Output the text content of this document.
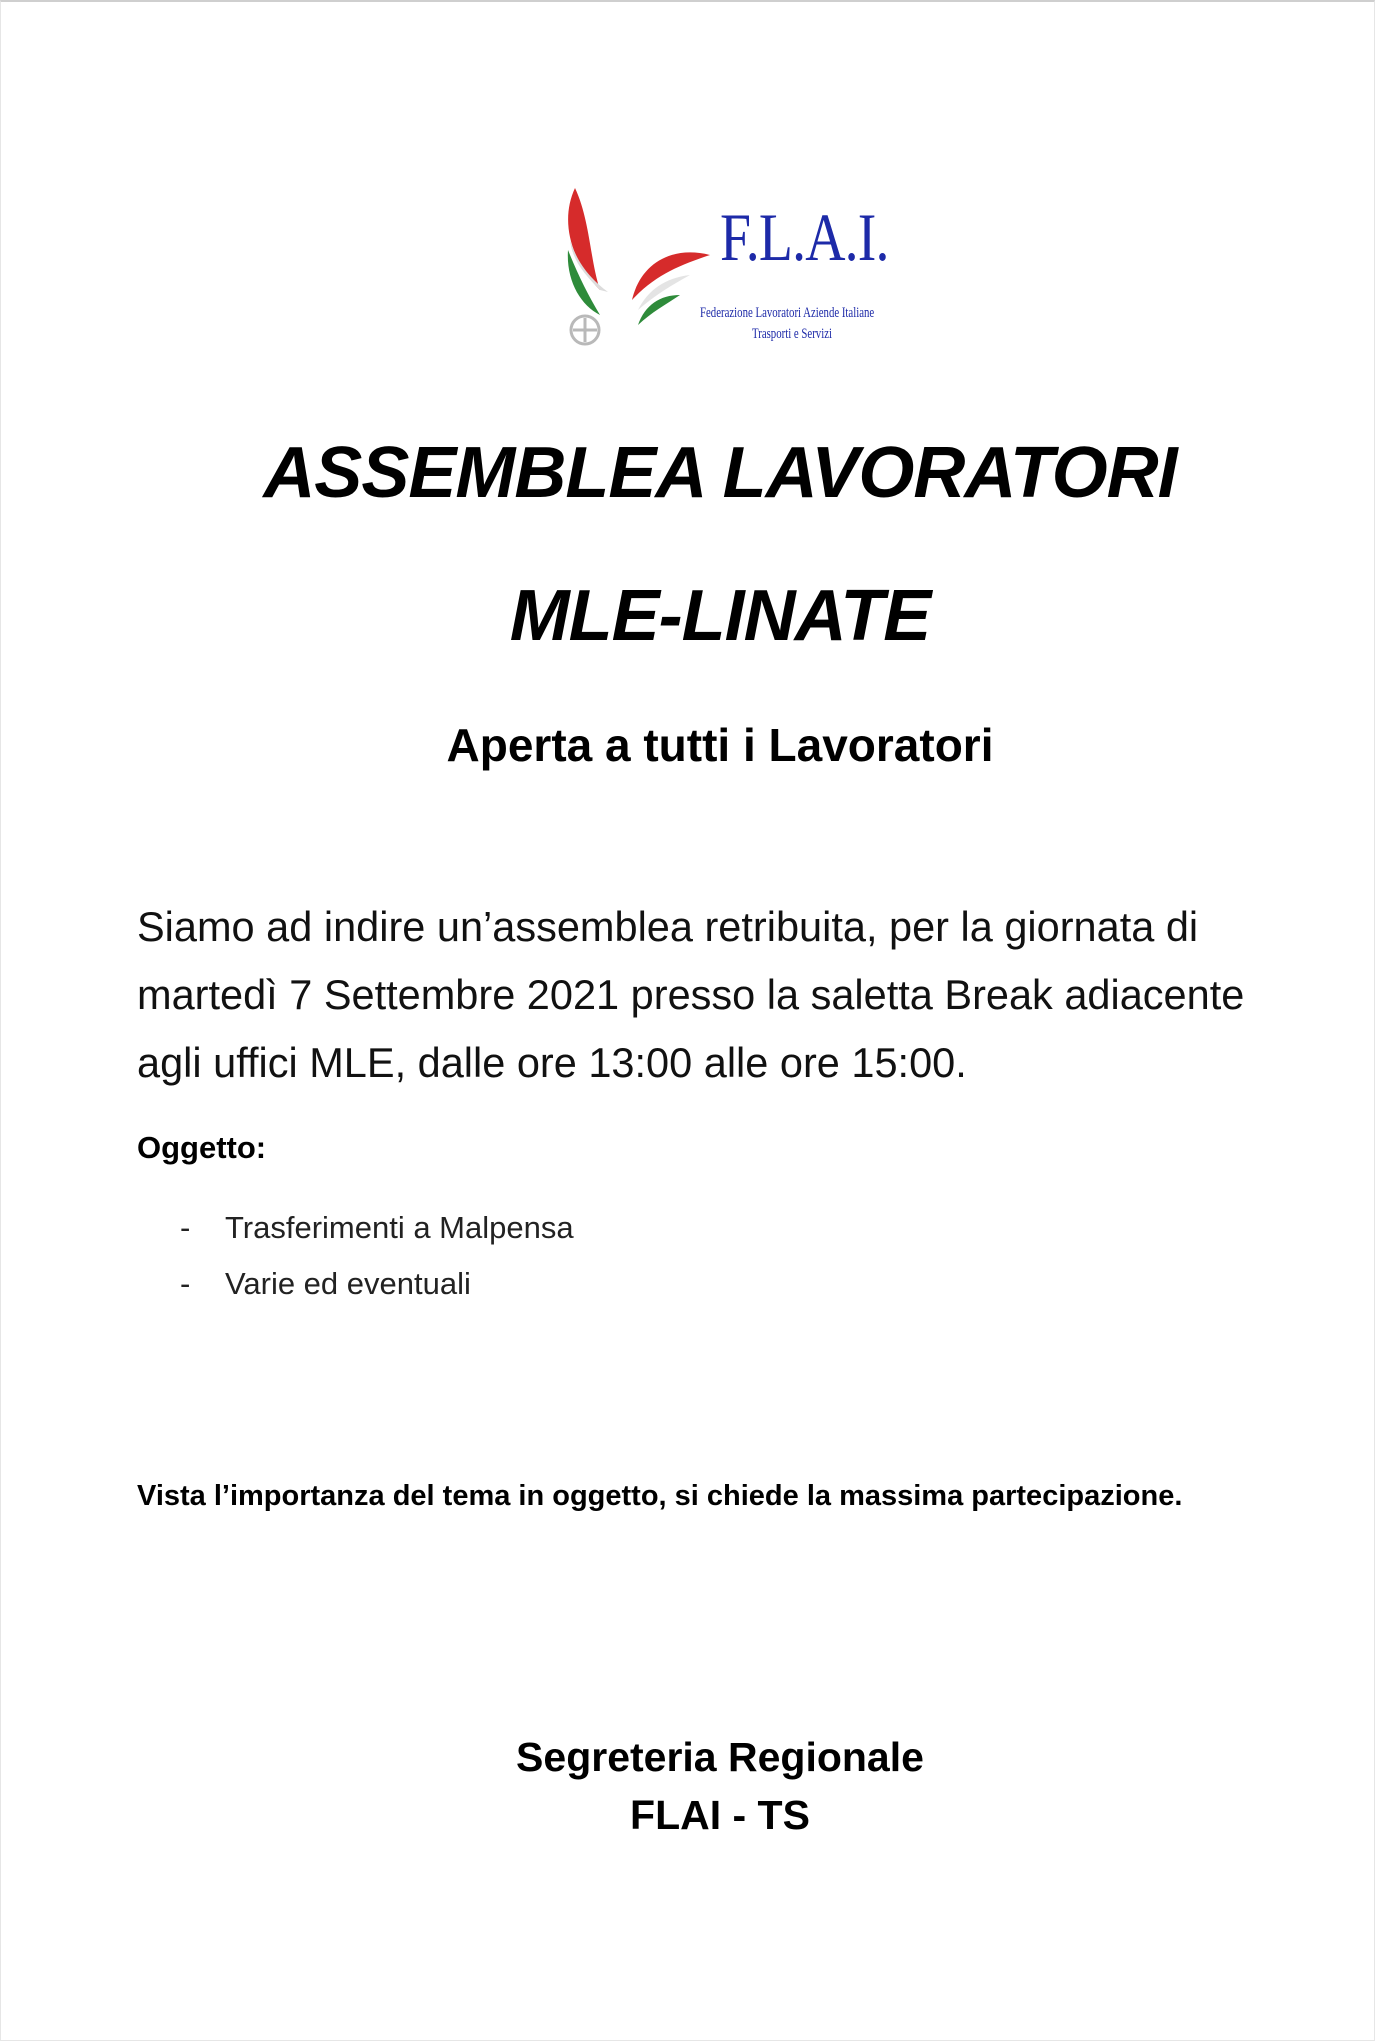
F.L.A.I.
Federazione Lavoratori Aziende Italiane
Trasporti e Servizi
ASSEMBLEA LAVORATORI
MLE-LINATE
Aperta a tutti i Lavoratori
Siamo ad indire un’assemblea retribuita, per la giornata di
martedì 7 Settembre 2021 presso la saletta Break adiacente
agli uffici MLE, dalle ore 13:00 alle ore 15:00.
Oggetto:
- Trasferimenti a Malpensa
- Varie ed eventuali
Vista l’importanza del tema in oggetto, si chiede la massima partecipazione.
Segreteria Regionale
FLAI - TS
